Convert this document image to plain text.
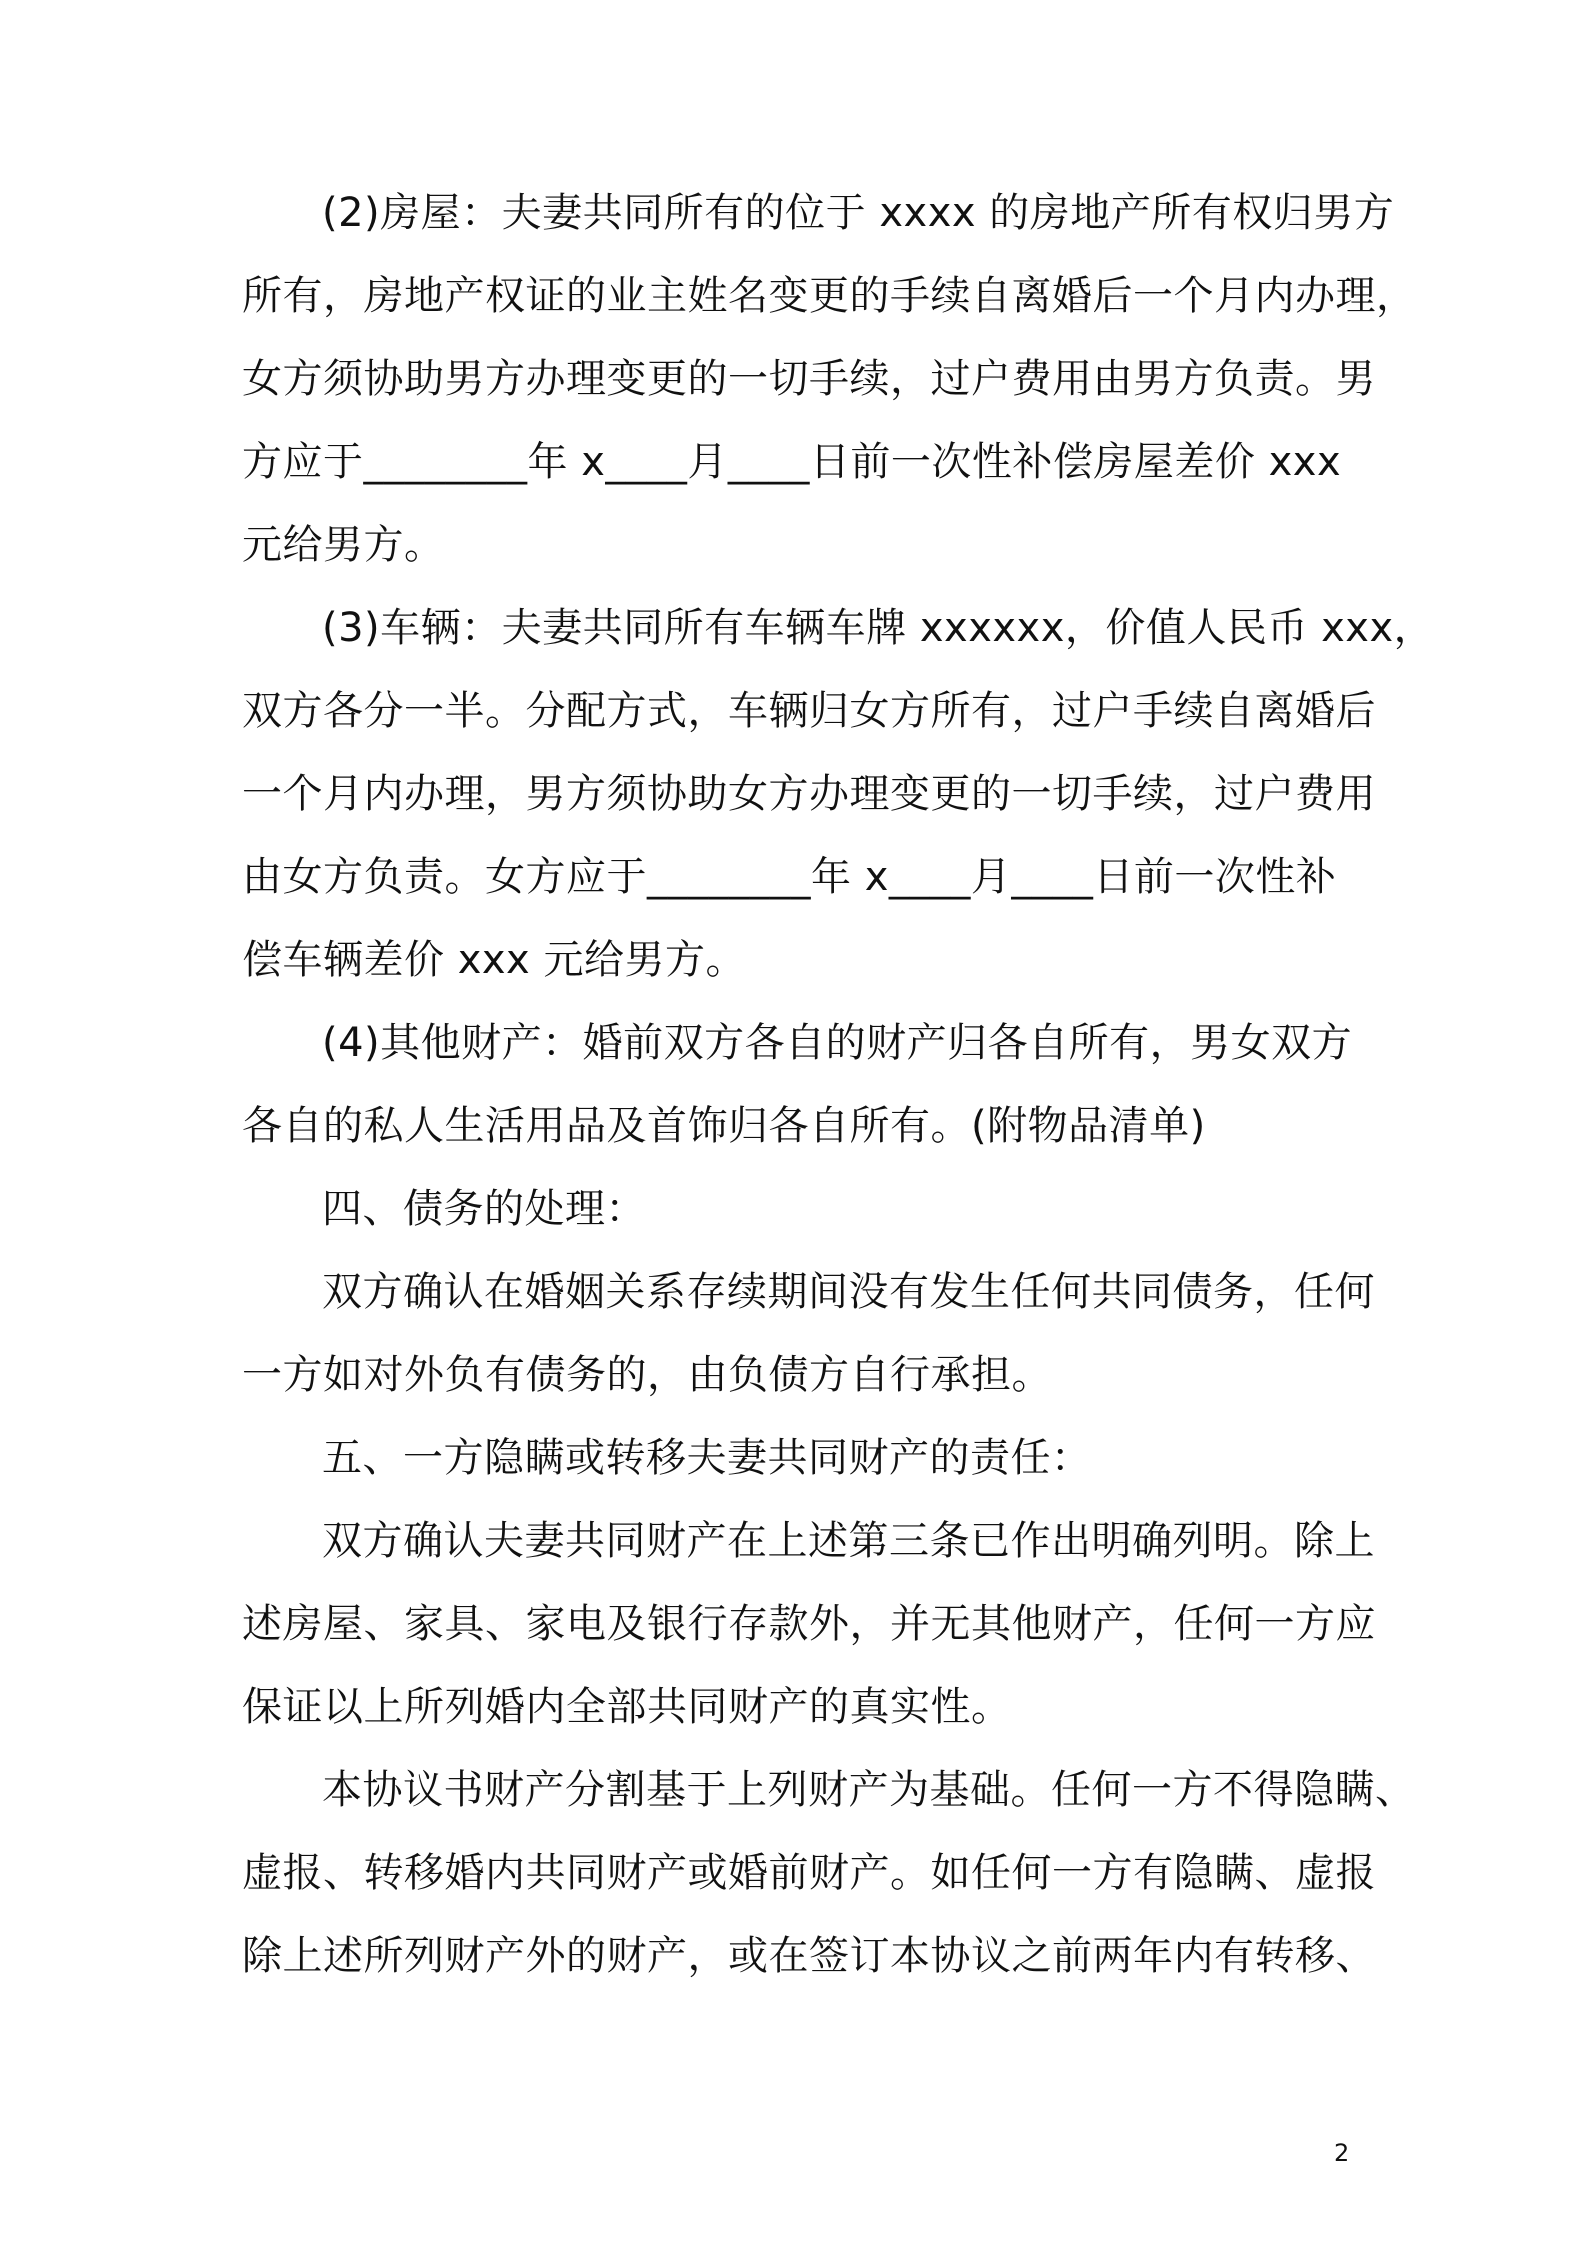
(2)房屋：夫妻共同所有的位于 xxxx 的房地产所有权归男方
所有，房地产权证的业主姓名变更的手续自离婚后一个月内办理，
女方须协助男方办理变更的一切手续，过户费用由男方负责。男
方应于________年 x____月____日前一次性补偿房屋差价 xxx
元给男方。
(3)车辆：夫妻共同所有车辆车牌 xxxxxx，价值人民币 xxx，
双方各分一半。分配方式，车辆归女方所有，过户手续自离婚后
一个月内办理，男方须协助女方办理变更的一切手续，过户费用
由女方负责。女方应于________年 x____月____日前一次性补
偿车辆差价 xxx 元给男方。
(4)其他财产：婚前双方各自的财产归各自所有，男女双方
各自的私人生活用品及首饰归各自所有。(附物品清单)
四、债务的处理：
双方确认在婚姻关系存续期间没有发生任何共同债务，任何
一方如对外负有债务的，由负债方自行承担。
五、一方隐瞒或转移夫妻共同财产的责任：
双方确认夫妻共同财产在上述第三条已作出明确列明。除上
述房屋、家具、家电及银行存款外，并无其他财产，任何一方应
保证以上所列婚内全部共同财产的真实性。
本协议书财产分割基于上列财产为基础。任何一方不得隐瞒、
虚报、转移婚内共同财产或婚前财产。如任何一方有隐瞒、虚报
除上述所列财产外的财产，或在签订本协议之前两年内有转移、
2
